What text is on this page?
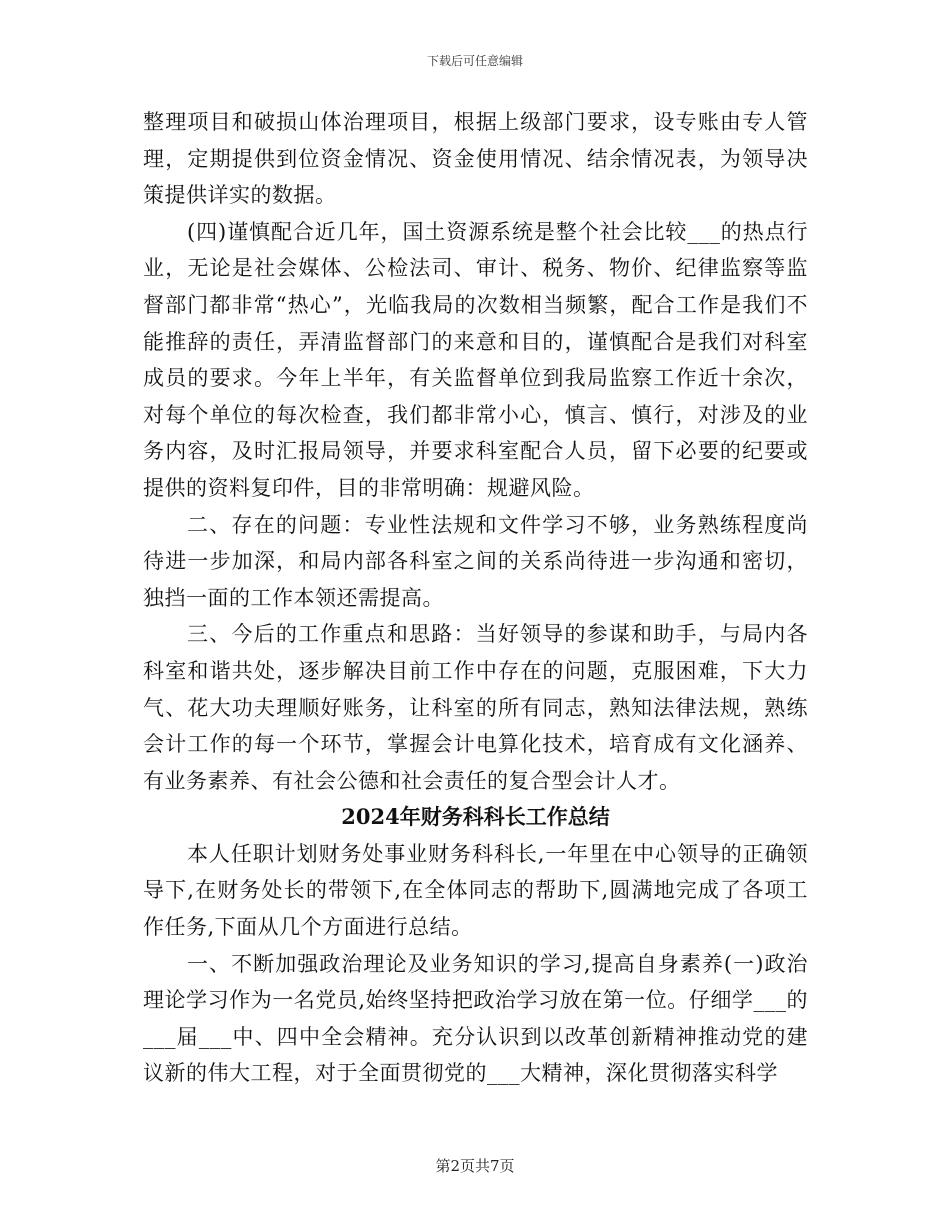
下载后可任意编辑

整理项目和破损山体治理项目，根据上级部门要求，设专账由专人管理，定期提供到位资金情况、资金使用情况、结余情况表，为领导决策提供详实的数据。

(四)谨慎配合近几年，国土资源系统是整个社会比较___的热点行业，无论是社会媒体、公检法司、审计、税务、物价、纪律监察等监督部门都非常“热心”，光临我局的次数相当频繁，配合工作是我们不能推辞的责任，弄清监督部门的来意和目的，谨慎配合是我们对科室成员的要求。今年上半年，有关监督单位到我局监察工作近十余次，对每个单位的每次检查，我们都非常小心，慎言、慎行，对涉及的业务内容，及时汇报局领导，并要求科室配合人员，留下必要的纪要或提供的资料复印件，目的非常明确：规避风险。

二、存在的问题：专业性法规和文件学习不够，业务熟练程度尚待进一步加深，和局内部各科室之间的关系尚待进一步沟通和密切，独挡一面的工作本领还需提高。

三、今后的工作重点和思路：当好领导的参谋和助手，与局内各科室和谐共处，逐步解决目前工作中存在的问题，克服困难，下大力气、花大功夫理顺好账务，让科室的所有同志，熟知法律法规，熟练会计工作的每一个环节，掌握会计电算化技术，培育成有文化涵养、有业务素养、有社会公德和社会责任的复合型会计人才。

2024年财务科科长工作总结

本人任职计划财务处事业财务科科长,一年里在中心领导的正确领导下,在财务处长的带领下,在全体同志的帮助下,圆满地完成了各项工作任务,下面从几个方面进行总结。

一、不断加强政治理论及业务知识的学习,提高自身素养(一)政治理论学习作为一名党员,始终坚持把政治学习放在第一位。仔细学___的___届___中、四中全会精神。充分认识到以改革创新精神推动党的建议新的伟大工程，对于全面贯彻党的___大精神，深化贯彻落实科学

第2页共7页
